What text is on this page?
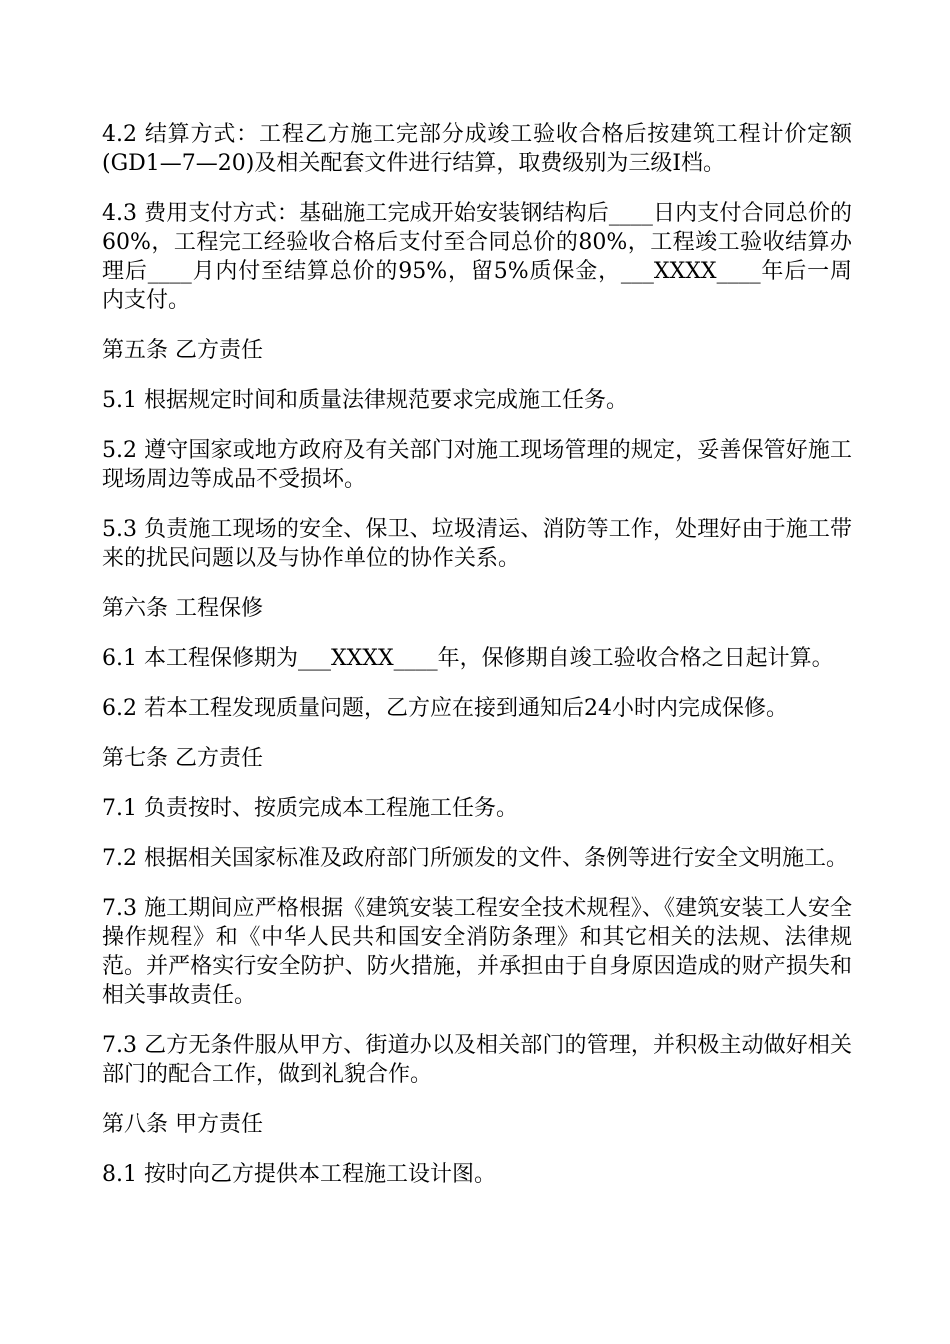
4.2 结算方式：工程乙方施工完部分成竣工验收合格后按建筑工程计价定额(GD1—7—20)及相关配套文件进行结算，取费级别为三级Ⅰ档。

4.3 费用支付方式：基础施工完成开始安装钢结构后____日内支付合同总价的60%，工程完工经验收合格后支付至合同总价的80%，工程竣工验收结算办理后____月内付至结算总价的95%，留5%质保金，___XXXX____年后一周内支付。

第五条 乙方责任

5.1 根据规定时间和质量法律规范要求完成施工任务。

5.2 遵守国家或地方政府及有关部门对施工现场管理的规定，妥善保管好施工现场周边等成品不受损坏。

5.3 负责施工现场的安全、保卫、垃圾清运、消防等工作，处理好由于施工带来的扰民问题以及与协作单位的协作关系。

第六条 工程保修

6.1 本工程保修期为___XXXX____年，保修期自竣工验收合格之日起计算。

6.2 若本工程发现质量问题，乙方应在接到通知后24小时内完成保修。

第七条 乙方责任

7.1 负责按时、按质完成本工程施工任务。

7.2 根据相关国家标准及政府部门所颁发的文件、条例等进行安全文明施工。

7.3 施工期间应严格根据《建筑安装工程安全技术规程》、《建筑安装工人安全操作规程》和《中华人民共和国安全消防条理》和其它相关的法规、法律规范。并严格实行安全防护、防火措施，并承担由于自身原因造成的财产损失和相关事故责任。

7.3 乙方无条件服从甲方、街道办以及相关部门的管理，并积极主动做好相关部门的配合工作，做到礼貌合作。

第八条 甲方责任

8.1 按时向乙方提供本工程施工设计图。
